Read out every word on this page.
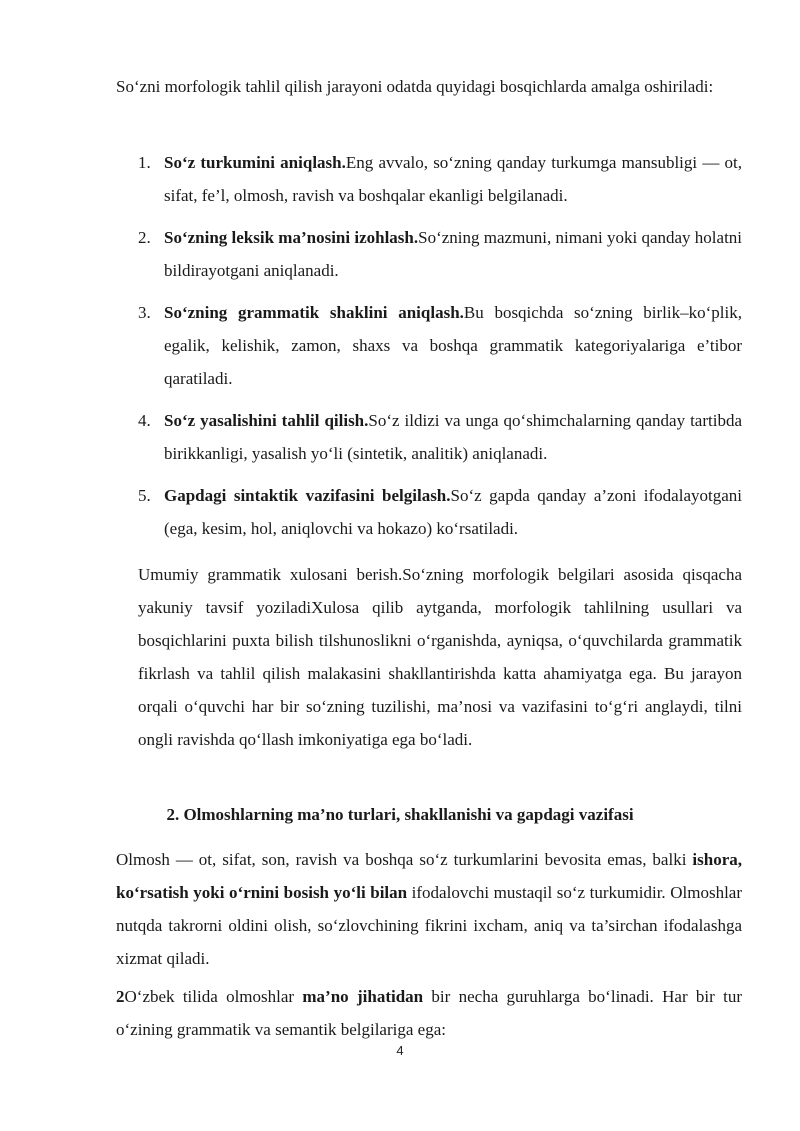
So‘zni morfologik tahlil qilish jarayoni odatda quyidagi bosqichlarda amalga oshiriladi:

1. So‘z turkumini aniqlash.Eng avvalo, so‘zning qanday turkumga mansubligi — ot, sifat, fe’l, olmosh, ravish va boshqalar ekanligi belgilanadi.
2. So‘zning leksik ma’nosini izohlash.So‘zning mazmuni, nimani yoki qanday holatni bildirayotgani aniqlanadi.
3. So‘zning grammatik shaklini aniqlash.Bu bosqichda so‘zning birlik–ko‘plik, egalik, kelishik, zamon, shaxs va boshqa grammatik kategoriyalariga e’tibor qaratiladi.
4. So‘z yasalishini tahlil qilish.So‘z ildizi va unga qo‘shimchalarning qanday tartibda birikkanligi, yasalish yo‘li (sintetik, analitik) aniqlanadi.
5. Gapdagi sintaktik vazifasini belgilash.So‘z gapda qanday a’zoni ifodalayotgani (ega, kesim, hol, aniqlovchi va hokazo) ko‘rsatiladi.

Umumiy grammatik xulosani berish.So‘zning morfologik belgilari asosida qisqacha yakuniy tavsif yoziladiXulosa qilib aytganda, morfologik tahlilning usullari va bosqichlarini puxta bilish tilshunoslikni o‘rganishda, ayniqsa, o‘quvchilarda grammatik fikrlash va tahlil qilish malakasini shakllantirishda katta ahamiyatga ega. Bu jarayon orqali o‘quvchi har bir so‘zning tuzilishi, ma’nosi va vazifasini to‘g‘ri anglaydi, tilni ongli ravishda qo‘llash imkoniyatiga ega bo‘ladi.

2. Olmoshlarning ma’no turlari, shakllanishi va gapdagi vazifasi

Olmosh — ot, sifat, son, ravish va boshqa so‘z turkumlarini bevosita emas, balki ishora, ko‘rsatish yoki o‘rnini bosish yo‘li bilan ifodalovchi mustaqil so‘z turkumidir. Olmoshlar nutqda takrorni oldini olish, so‘zlovchining fikrini ixcham, aniq va ta’sirchan ifodalashga xizmat qiladi.

2O‘zbek tilida olmoshlar ma’no jihatidan bir necha guruhlarga bo‘linadi. Har bir tur o‘zining grammatik va semantik belgilariga ega:

4
